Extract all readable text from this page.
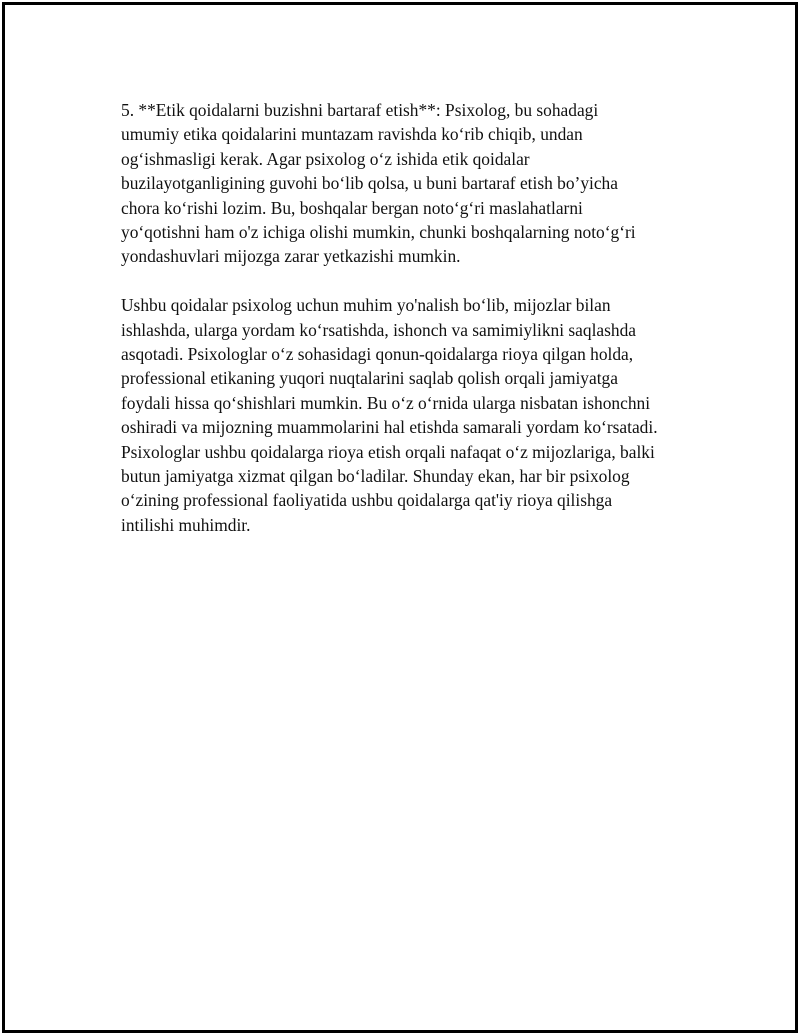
5. **Etik qoidalarni buzishni bartaraf etish**: Psixolog, bu sohadagi
umumiy etika qoidalarini muntazam ravishda ko‘rib chiqib, undan
og‘ishmasligi kerak. Agar psixolog o‘z ishida etik qoidalar
buzilayotganligining guvohi bo‘lib qolsa, u buni bartaraf etish bo’yicha
chora ko‘rishi lozim. Bu, boshqalar bergan noto‘g‘ri maslahatlarni
yo‘qotishni ham o'z ichiga olishi mumkin, chunki boshqalarning noto‘g‘ri
yondashuvlari mijozga zarar yetkazishi mumkin.

Ushbu qoidalar psixolog uchun muhim yo'nalish bo‘lib, mijozlar bilan
ishlashda, ularga yordam ko‘rsatishda, ishonch va samimiylikni saqlashda
asqotadi. Psixologlar o‘z sohasidagi qonun-qoidalarga rioya qilgan holda,
professional etikaning yuqori nuqtalarini saqlab qolish orqali jamiyatga
foydali hissa qo‘shishlari mumkin. Bu o‘z o‘rnida ularga nisbatan ishonchni
oshiradi va mijozning muammolarini hal etishda samarali yordam ko‘rsatadi.
Psixologlar ushbu qoidalarga rioya etish orqali nafaqat o‘z mijozlariga, balki
butun jamiyatga xizmat qilgan bo‘ladilar. Shunday ekan, har bir psixolog
o‘zining professional faoliyatida ushbu qoidalarga qat'iy rioya qilishga
intilishi muhimdir.
